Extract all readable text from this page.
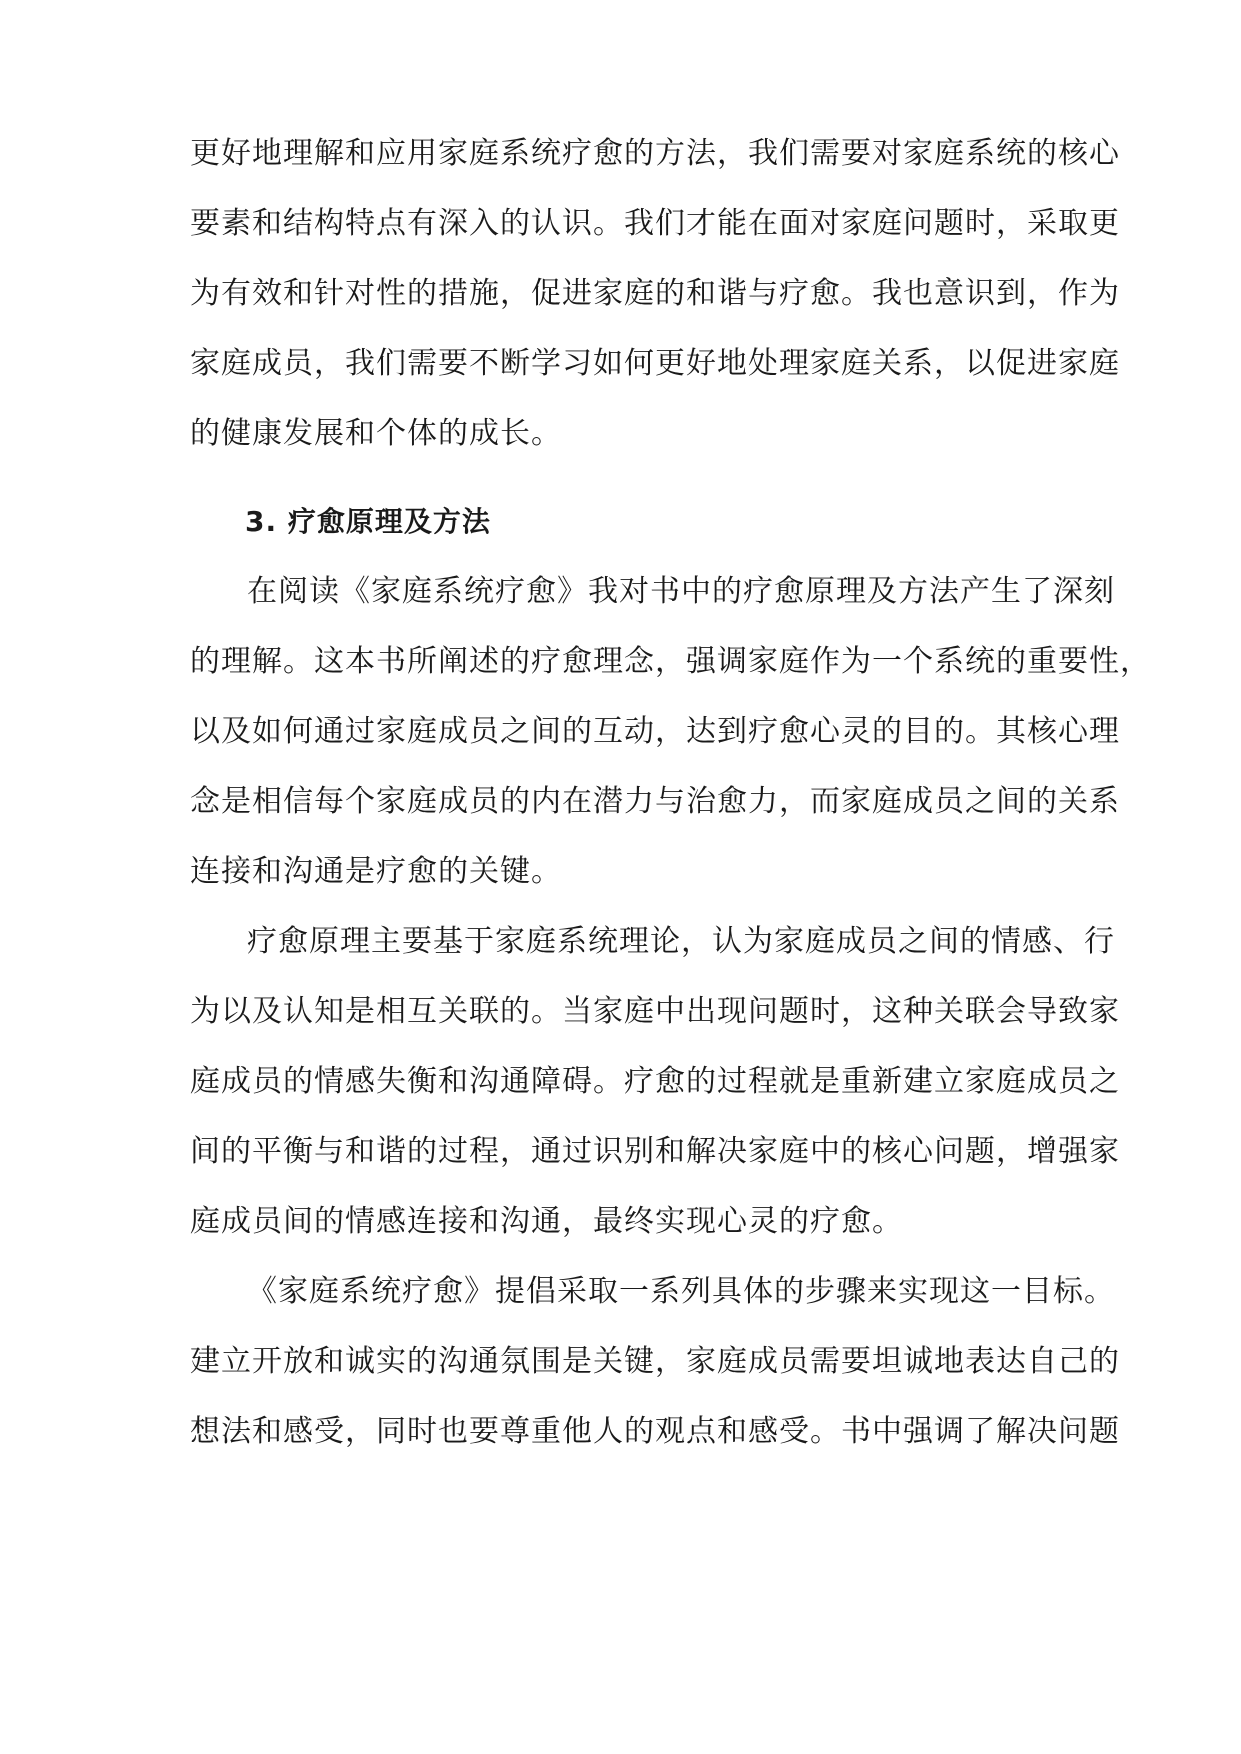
更好地理解和应用家庭系统疗愈的方法，我们需要对家庭系统的核心
要素和结构特点有深入的认识。我们才能在面对家庭问题时，采取更
为有效和针对性的措施，促进家庭的和谐与疗愈。我也意识到，作为
家庭成员，我们需要不断学习如何更好地处理家庭关系，以促进家庭
的健康发展和个体的成长。
3. 疗愈原理及方法
在阅读《家庭系统疗愈》我对书中的疗愈原理及方法产生了深刻
的理解。这本书所阐述的疗愈理念，强调家庭作为一个系统的重要性，
以及如何通过家庭成员之间的互动，达到疗愈心灵的目的。其核心理
念是相信每个家庭成员的内在潜力与治愈力，而家庭成员之间的关系
连接和沟通是疗愈的关键。
疗愈原理主要基于家庭系统理论，认为家庭成员之间的情感、行
为以及认知是相互关联的。当家庭中出现问题时，这种关联会导致家
庭成员的情感失衡和沟通障碍。疗愈的过程就是重新建立家庭成员之
间的平衡与和谐的过程，通过识别和解决家庭中的核心问题，增强家
庭成员间的情感连接和沟通，最终实现心灵的疗愈。
《家庭系统疗愈》提倡采取一系列具体的步骤来实现这一目标。
建立开放和诚实的沟通氛围是关键，家庭成员需要坦诚地表达自己的
想法和感受，同时也要尊重他人的观点和感受。书中强调了解决问题
